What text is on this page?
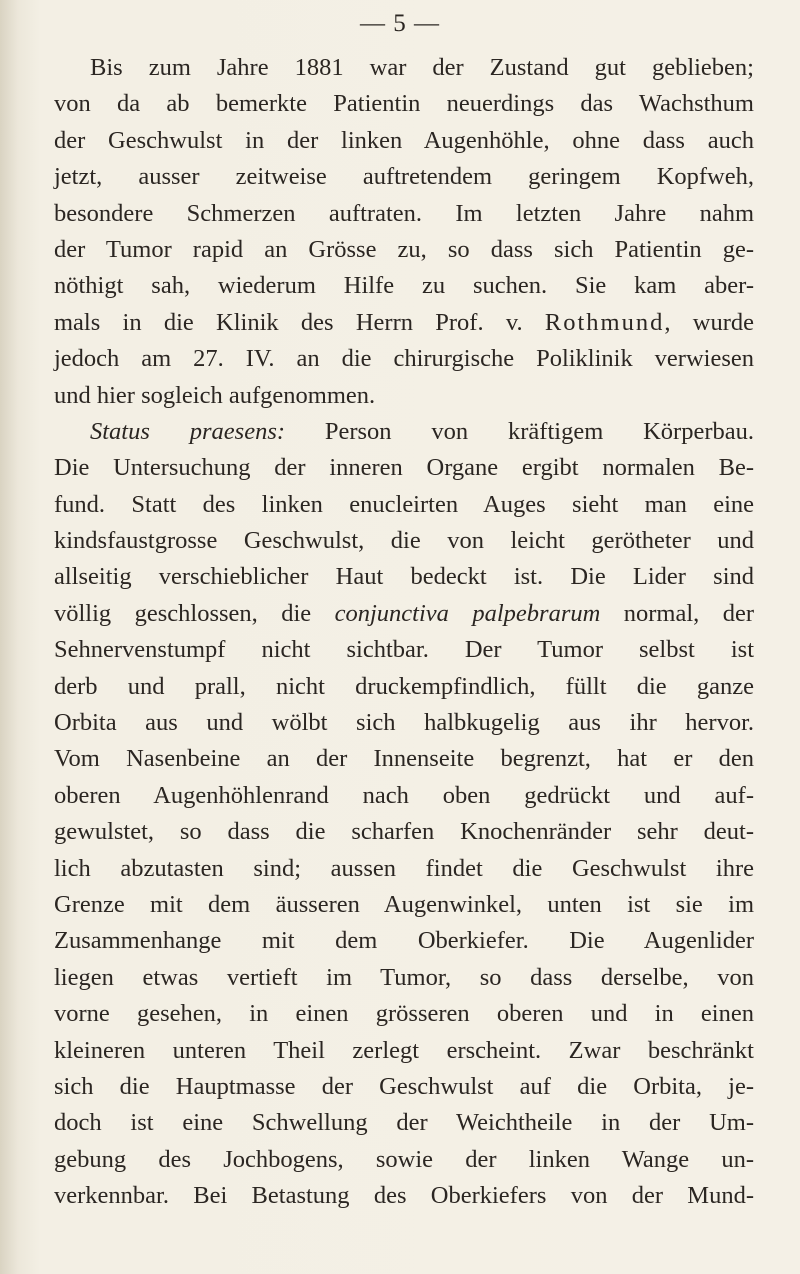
— 5 —
Bis zum Jahre 1881 war der Zustand gut geblieben;
von da ab bemerkte Patientin neuerdings das Wachsthum
der Geschwulst in der linken Augenhöhle, ohne dass auch
jetzt, ausser zeitweise auftretendem geringem Kopfweh,
besondere Schmerzen auftraten. Im letzten Jahre nahm
der Tumor rapid an Grösse zu, so dass sich Patientin ge-
nöthigt sah, wiederum Hilfe zu suchen. Sie kam aber-
mals in die Klinik des Herrn Prof. v. Rothmund, wurde
jedoch am 27. IV. an die chirurgische Poliklinik verwiesen
und hier sogleich aufgenommen.
Status praesens: Person von kräftigem Körperbau.
Die Untersuchung der inneren Organe ergibt normalen Be-
fund. Statt des linken enucleirten Auges sieht man eine
kindsfaustgrosse Geschwulst, die von leicht gerötheter und
allseitig verschieblicher Haut bedeckt ist. Die Lider sind
völlig geschlossen, die conjunctiva palpebrarum normal, der
Sehnervenstumpf nicht sichtbar. Der Tumor selbst ist
derb und prall, nicht druckempfindlich, füllt die ganze
Orbita aus und wölbt sich halbkugelig aus ihr hervor.
Vom Nasenbeine an der Innenseite begrenzt, hat er den
oberen Augenhöhlenrand nach oben gedrückt und auf-
gewulstet, so dass die scharfen Knochenränder sehr deut-
lich abzutasten sind; aussen findet die Geschwulst ihre
Grenze mit dem äusseren Augenwinkel, unten ist sie im
Zusammenhange mit dem Oberkiefer. Die Augenlider
liegen etwas vertieft im Tumor, so dass derselbe, von
vorne gesehen, in einen grösseren oberen und in einen
kleineren unteren Theil zerlegt erscheint. Zwar beschränkt
sich die Hauptmasse der Geschwulst auf die Orbita, je-
doch ist eine Schwellung der Weichtheile in der Um-
gebung des Jochbogens, sowie der linken Wange un-
verkennbar. Bei Betastung des Oberkiefers von der Mund-
